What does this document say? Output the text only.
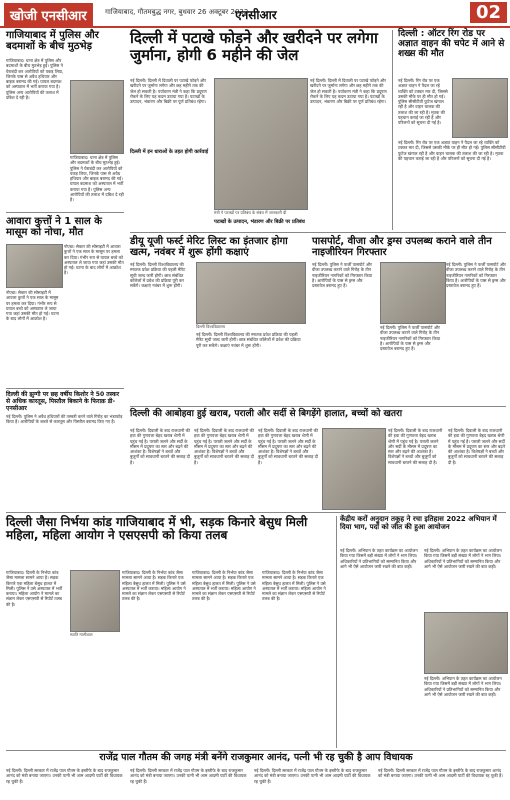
खोजी एनसीआर	गाजियाबाद, गौतमबुद्ध नगर, बुधवार 26 अक्टूबर 2022
एनसीआर	02
गाजियाबाद में पुलिस और बदमाशों के बीच मुठभेड़
गाजियाबाद। थाना क्षेत्र में पुलिस और बदमाशों के बीच मुठभेड़ हुई। पुलिस ने घेराबंदी कर आरोपियों को पकड़ लिया, जिनके पास से अवैध हथियार और बाइक बरामद की गई। घायल बदमाश को अस्पताल में भर्ती कराया गया है। पुलिस अन्य आरोपियों की तलाश में दबिश दे रही है।
गाजियाबाद। थाना क्षेत्र में पुलिस और बदमाशों के बीच मुठभेड़ हुई। पुलिस ने घेराबंदी कर आरोपियों को पकड़ लिया, जिनके पास से अवैध हथियार और बाइक बरामद की गई। घायल बदमाश को अस्पताल में भर्ती कराया गया है। पुलिस अन्य आरोपियों की तलाश में दबिश दे रही है।
आवारा कुत्तों ने 1 साल के मासूम को नोचा, मौत
नोएडा। सेक्टर की सोसाइटी में आवारा कुत्तों ने एक साल के मासूम पर हमला कर दिया। गंभीर रूप से घायल बच्चे को अस्पताल ले जाया गया जहां उसकी मौत हो गई। घटना के बाद लोगों में आक्रोश है।
नोएडा। सेक्टर की सोसाइटी में आवारा कुत्तों ने एक साल के मासूम पर हमला कर दिया। गंभीर रूप से घायल बच्चे को अस्पताल ले जाया गया जहां उसकी मौत हो गई। घटना के बाद लोगों में आक्रोश है।
दिल्ली की झुग्गी पर छह वर्षीय किशोर ने 50 तस्कर से अधिक कारतूस, पिस्तौल बिकाने के फिराक़ डी-एनसीआर
नई दिल्ली। पुलिस ने अवैध हथियारों की तस्करी करने वाले गिरोह का भंडाफोड़ किया है। आरोपियों के कब्जे से कारतूस और पिस्तौल बरामद किए गए हैं।
दिल्ली में पटाखे फोड़ने और खरीदने पर लगेगा जुर्माना, होगी 6 महीने की जेल
नई दिल्ली। दिल्ली में दिवाली पर पटाखे फोड़ने और खरीदने पर जुर्माना लगेगा और छह महीने तक की जेल हो सकती है। पर्यावरण मंत्री ने कहा कि प्रदूषण रोकने के लिए यह कदम उठाया गया है। पटाखों के उत्पादन, भंडारण और बिक्री पर पूर्ण प्रतिबंध रहेगा।
दिल्ली में इन धाराओं के तहत होगी कार्रवाई
मंत्री ने पटाखों पर प्रतिबंध के संबंध में जानकारी दी
नई दिल्ली। दिल्ली में दिवाली पर पटाखे फोड़ने और खरीदने पर जुर्माना लगेगा और छह महीने तक की जेल हो सकती है। पर्यावरण मंत्री ने कहा कि प्रदूषण रोकने के लिए यह कदम उठाया गया है। पटाखों के उत्पादन, भंडारण और बिक्री पर पूर्ण प्रतिबंध रहेगा।
पटाखों के उत्पादन, भंडारण और बिक्री पर प्रतिबंध
दिल्ली : ऑटर रिंग रोड पर अज्ञात वाहन की चपेट में आने से शख्स की मौत
नई दिल्ली। रिंग रोड पर एक अज्ञात वाहन ने पैदल जा रहे व्यक्ति को टक्कर मार दी, जिससे उसकी मौके पर ही मौत हो गई। पुलिस सीसीटीवी फुटेज खंगाल रही है और वाहन चालक की तलाश की जा रही है। मृतक की पहचान कराई जा रही है और परिजनों को सूचना दी गई है।
नई दिल्ली। रिंग रोड पर एक अज्ञात वाहन ने पैदल जा रहे व्यक्ति को टक्कर मार दी, जिससे उसकी मौके पर ही मौत हो गई। पुलिस सीसीटीवी फुटेज खंगाल रही है और वाहन चालक की तलाश की जा रही है। मृतक की पहचान कराई जा रही है और परिजनों को सूचना दी गई है।
डीयू यूजी फर्स्ट मेरिट लिस्ट का इंतजार होगा खत्म, नवंबर में शुरू होंगी कक्षाएं
नई दिल्ली। दिल्ली विश्वविद्यालय की स्नातक प्रवेश प्रक्रिया की पहली मेरिट सूची जल्द जारी होगी। छात्र संबंधित कॉलेजों में प्रवेश की प्रक्रिया पूरी कर सकेंगे। कक्षाएं नवंबर में शुरू होंगी।
दिल्ली विश्वविद्यालय
नई दिल्ली। दिल्ली विश्वविद्यालय की स्नातक प्रवेश प्रक्रिया की पहली मेरिट सूची जल्द जारी होगी। छात्र संबंधित कॉलेजों में प्रवेश की प्रक्रिया पूरी कर सकेंगे। कक्षाएं नवंबर में शुरू होंगी।
पासपोर्ट, वीजा और ड्रग्स उपलब्ध कराने वाले तीन नाइजीरियन गिरफ्तार
नई दिल्ली। पुलिस ने फर्जी पासपोर्ट और वीजा उपलब्ध कराने वाले गिरोह के तीन नाइजीरियन नागरिकों को गिरफ्तार किया है। आरोपियों के पास से ड्रग्स और दस्तावेज बरामद हुए हैं।
नई दिल्ली। पुलिस ने फर्जी पासपोर्ट और वीजा उपलब्ध कराने वाले गिरोह के तीन नाइजीरियन नागरिकों को गिरफ्तार किया है। आरोपियों के पास से ड्रग्स और दस्तावेज बरामद हुए हैं।
नई दिल्ली। पुलिस ने फर्जी पासपोर्ट और वीजा उपलब्ध कराने वाले गिरोह के तीन नाइजीरियन नागरिकों को गिरफ्तार किया है। आरोपियों के पास से ड्रग्स और दस्तावेज बरामद हुए हैं।
दिल्ली की आबोहवा हुई खराब, पराली और सर्दी से बिगड़ेंगे हालात, बच्चों को खतरा
नई दिल्ली। दिवाली के बाद राजधानी की हवा की गुणवत्ता बेहद खराब श्रेणी में पहुंच गई है। पराली जलने और सर्दी के मौसम में प्रदूषण का स्तर और बढ़ने की आशंका है। विशेषज्ञों ने बच्चों और बुजुर्गों को सावधानी बरतने की सलाह दी है।
नई दिल्ली। दिवाली के बाद राजधानी की हवा की गुणवत्ता बेहद खराब श्रेणी में पहुंच गई है। पराली जलने और सर्दी के मौसम में प्रदूषण का स्तर और बढ़ने की आशंका है। विशेषज्ञों ने बच्चों और बुजुर्गों को सावधानी बरतने की सलाह दी है।
नई दिल्ली। दिवाली के बाद राजधानी की हवा की गुणवत्ता बेहद खराब श्रेणी में पहुंच गई है। पराली जलने और सर्दी के मौसम में प्रदूषण का स्तर और बढ़ने की आशंका है। विशेषज्ञों ने बच्चों और बुजुर्गों को सावधानी बरतने की सलाह दी है।
नई दिल्ली। दिवाली के बाद राजधानी की हवा की गुणवत्ता बेहद खराब श्रेणी में पहुंच गई है। पराली जलने और सर्दी के मौसम में प्रदूषण का स्तर और बढ़ने की आशंका है। विशेषज्ञों ने बच्चों और बुजुर्गों को सावधानी बरतने की सलाह दी है।
नई दिल्ली। दिवाली के बाद राजधानी की हवा की गुणवत्ता बेहद खराब श्रेणी में पहुंच गई है। पराली जलने और सर्दी के मौसम में प्रदूषण का स्तर और बढ़ने की आशंका है। विशेषज्ञों ने बच्चों और बुजुर्गों को सावधानी बरतने की सलाह दी है।
दिल्ली जैसा निर्भया कांड गाजियाबाद में भी, सड़क किनारे बेसुध मिली महिला, महिला आयोग ने एसएसपी को किया तलब
गाजियाबाद। दिल्ली के निर्भया कांड जैसा मामला सामने आया है। सड़क किनारे एक महिला बेसुध हालत में मिली। पुलिस ने उसे अस्पताल में भर्ती कराया। महिला आयोग ने मामले का संज्ञान लेकर एसएसपी से रिपोर्ट तलब की है।
स्वाति मालीवाल
गाजियाबाद। दिल्ली के निर्भया कांड जैसा मामला सामने आया है। सड़क किनारे एक महिला बेसुध हालत में मिली। पुलिस ने उसे अस्पताल में भर्ती कराया। महिला आयोग ने मामले का संज्ञान लेकर एसएसपी से रिपोर्ट तलब की है।
गाजियाबाद। दिल्ली के निर्भया कांड जैसा मामला सामने आया है। सड़क किनारे एक महिला बेसुध हालत में मिली। पुलिस ने उसे अस्पताल में भर्ती कराया। महिला आयोग ने मामले का संज्ञान लेकर एसएसपी से रिपोर्ट तलब की है।
गाजियाबाद। दिल्ली के निर्भया कांड जैसा मामला सामने आया है। सड़क किनारे एक महिला बेसुध हालत में मिली। पुलिस ने उसे अस्पताल में भर्ती कराया। महिला आयोग ने मामले का संज्ञान लेकर एसएसपी से रिपोर्ट तलब की है।
केंद्रीय करों अनुदान तकूह ने रचा इतिहास 2022 अभियान में दिया भाग, पदों को जीत की हुआ आयोजन
नई दिल्ली। अभियान के तहत कार्यक्रम का आयोजन किया गया जिसमें बड़ी संख्या में लोगों ने भाग लिया। अधिकारियों ने प्रतिभागियों को सम्मानित किया और आगे भी ऐसे आयोजन जारी रखने की बात कही।
नई दिल्ली। अभियान के तहत कार्यक्रम का आयोजन किया गया जिसमें बड़ी संख्या में लोगों ने भाग लिया। अधिकारियों ने प्रतिभागियों को सम्मानित किया और आगे भी ऐसे आयोजन जारी रखने की बात कही।
नई दिल्ली। अभियान के तहत कार्यक्रम का आयोजन किया गया जिसमें बड़ी संख्या में लोगों ने भाग लिया। अधिकारियों ने प्रतिभागियों को सम्मानित किया और आगे भी ऐसे आयोजन जारी रखने की बात कही।
राजेंद्र पाल गौतम की जगह मंत्री बनेंगे राजकुमार आनंद, पत्नी भी रह चुकी है आप विधायक
नई दिल्ली। दिल्ली सरकार में राजेंद्र पाल गौतम के इस्तीफे के बाद राजकुमार आनंद को मंत्री बनाया जाएगा। उनकी पत्नी भी आम आदमी पार्टी की विधायक रह चुकी हैं।
नई दिल्ली। दिल्ली सरकार में राजेंद्र पाल गौतम के इस्तीफे के बाद राजकुमार आनंद को मंत्री बनाया जाएगा। उनकी पत्नी भी आम आदमी पार्टी की विधायक रह चुकी हैं।
नई दिल्ली। दिल्ली सरकार में राजेंद्र पाल गौतम के इस्तीफे के बाद राजकुमार आनंद को मंत्री बनाया जाएगा। उनकी पत्नी भी आम आदमी पार्टी की विधायक रह चुकी हैं।
नई दिल्ली। दिल्ली सरकार में राजेंद्र पाल गौतम के इस्तीफे के बाद राजकुमार आनंद को मंत्री बनाया जाएगा। उनकी पत्नी भी आम आदमी पार्टी की विधायक रह चुकी हैं।
